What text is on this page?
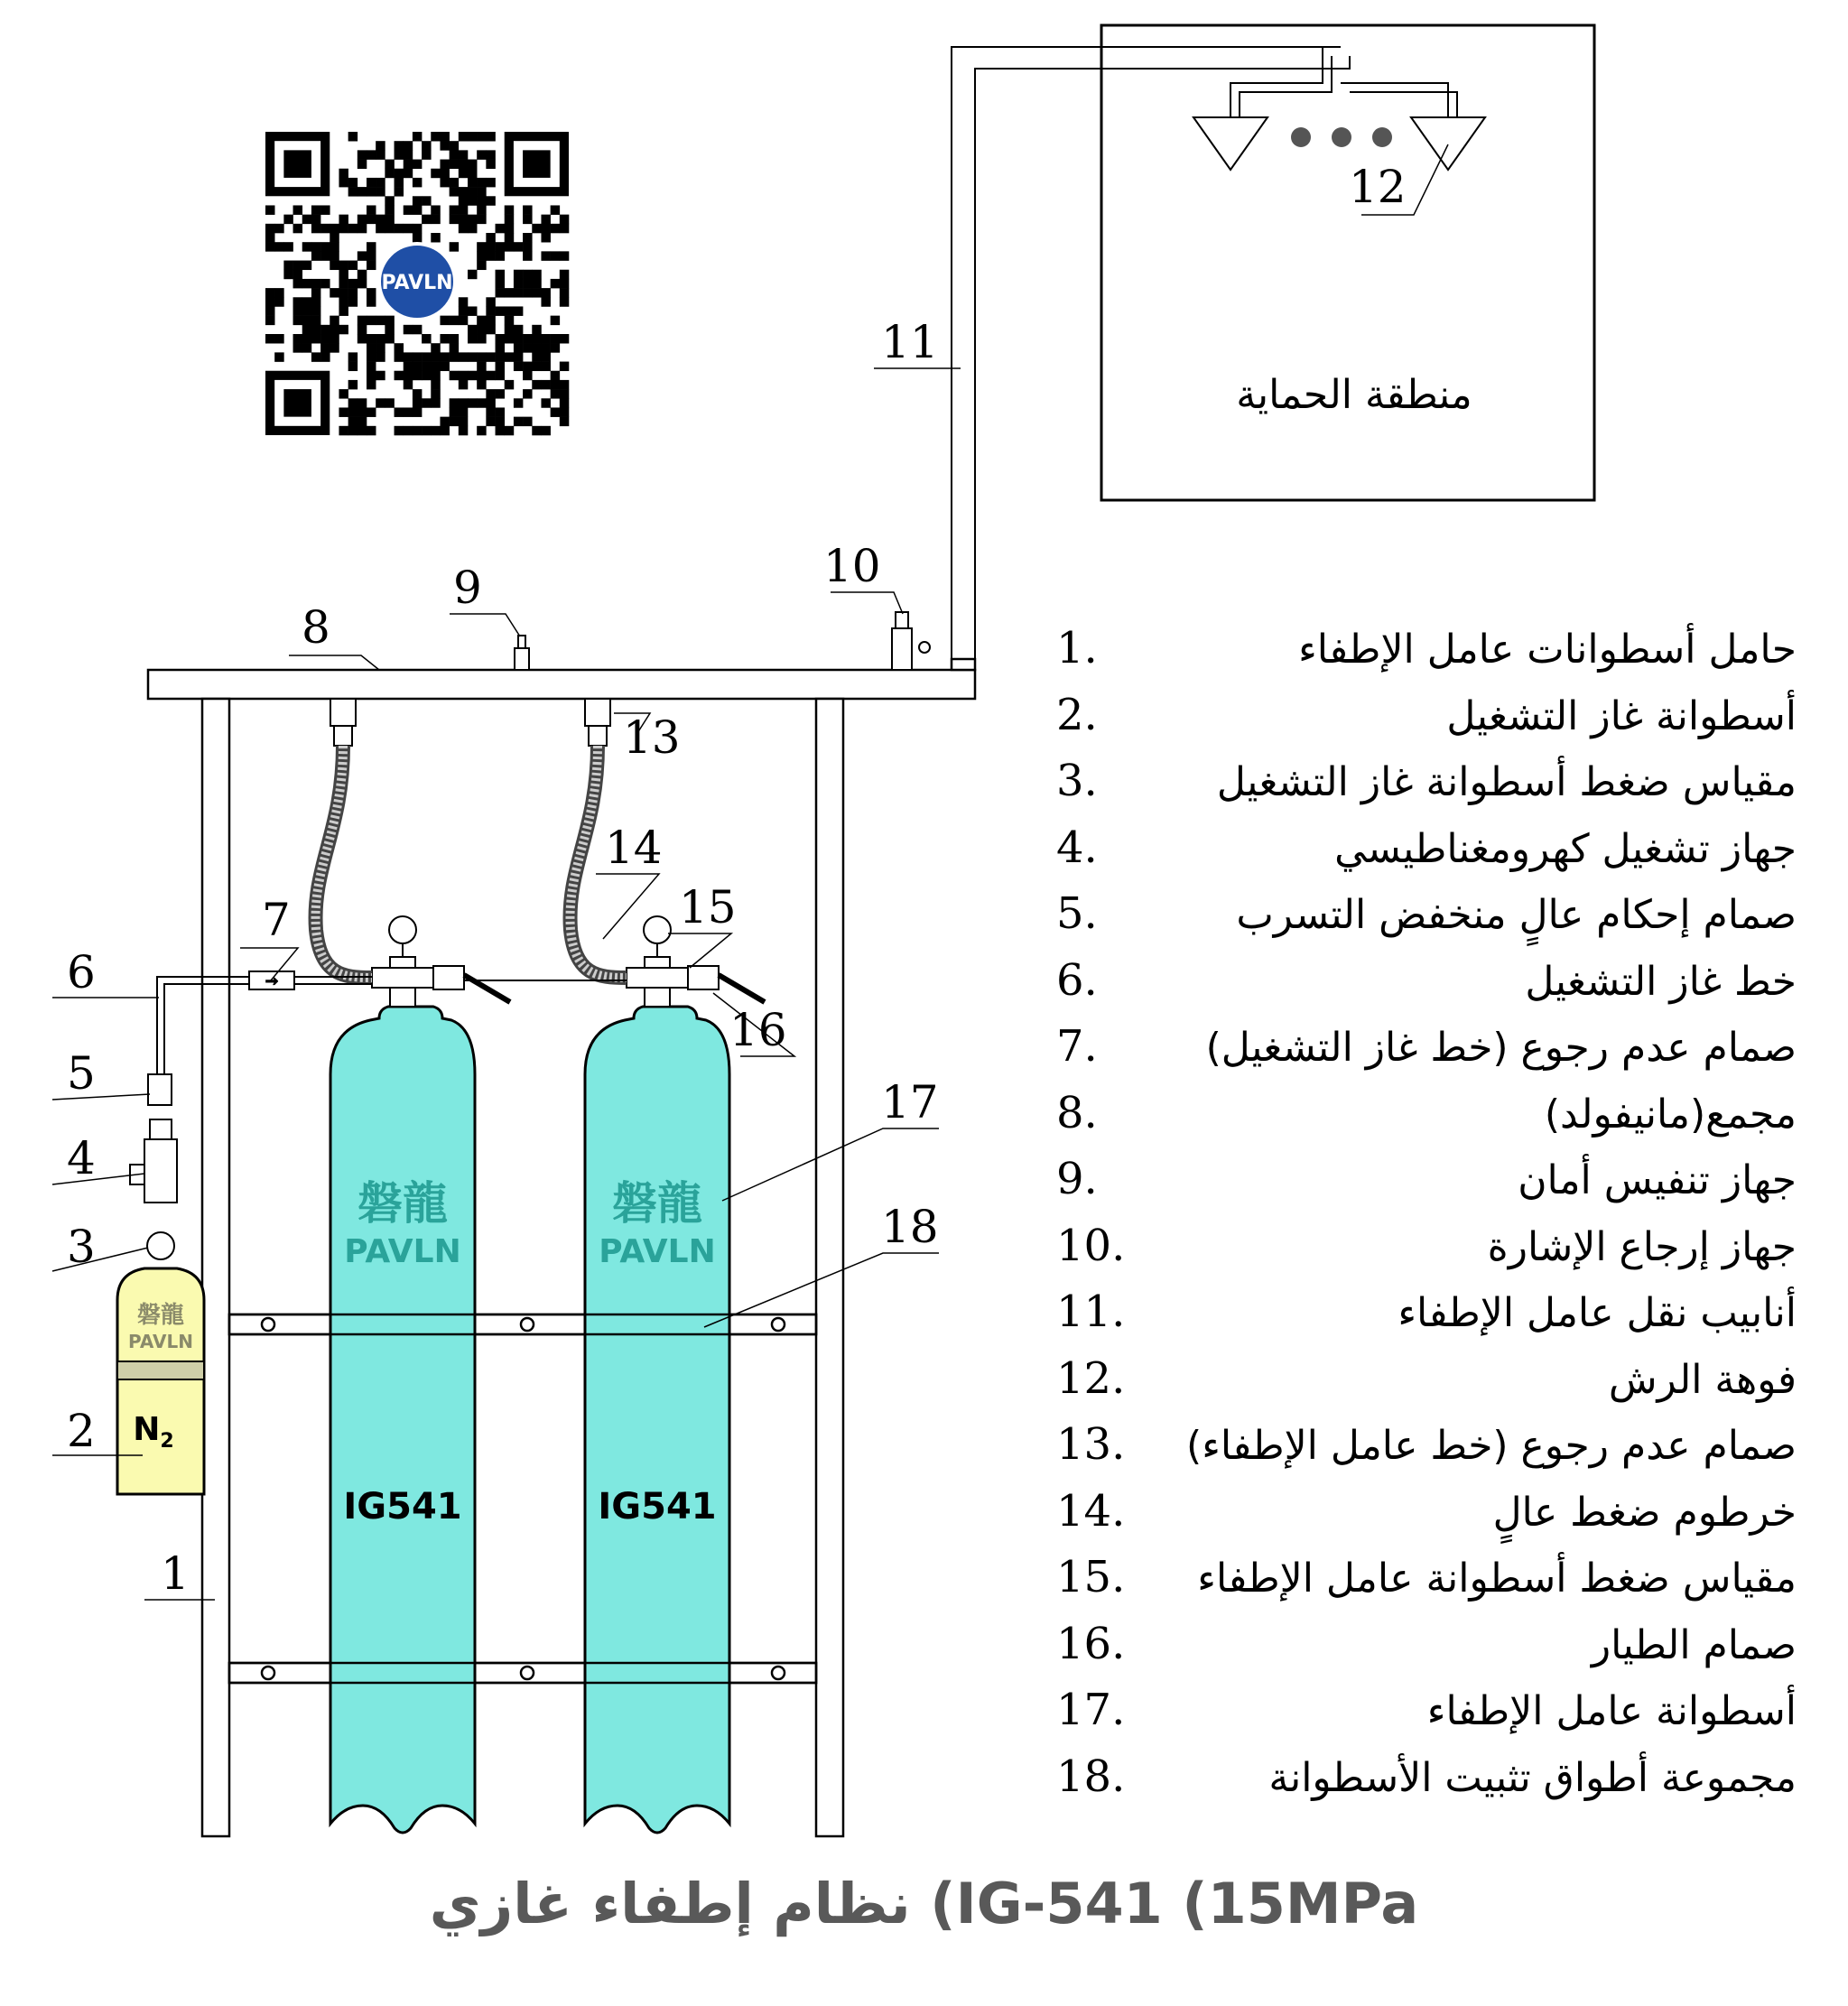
PAVLN
منطقة الحماية
磐龍
PAVLN
IG541
磐龍
PAVLN
IG541
→
磐龍
PAVLN
$N_2$
1
2
3
4
5
6
7
8
9	10
11
12
13
14
15
16
17
18
حامل أسطوانات عامل الإطفاء
1.
أسطوانة غاز التشغيل
2.
مقياس ضغط أسطوانة غاز التشغيل
3.
جهاز تشغيل كهرومغناطيسي
4.
صمام إحكام عالٍ منخفض التسرب
5.
خط غاز التشغيل
6.
صمام عدم رجوع (خط غاز التشغيل)
7.
مجمع(مانيفولد)
8.
جهاز تنفيس أمان
9.
جهاز إرجاع الإشارة
10.
أنابيب نقل عامل الإطفاء
11.
فوهة الرش
12.
صمام عدم رجوع (خط عامل الإطفاء)
13.
خرطوم ضغط عالٍ
14.
مقياس ضغط أسطوانة عامل الإطفاء
15.
صمام الطيار
16.
أسطوانة عامل الإطفاء
17.
مجموعة أطواق تثبيت الأسطوانة
18.
نظام إطفاء غازي (IG-541 (15MPa
